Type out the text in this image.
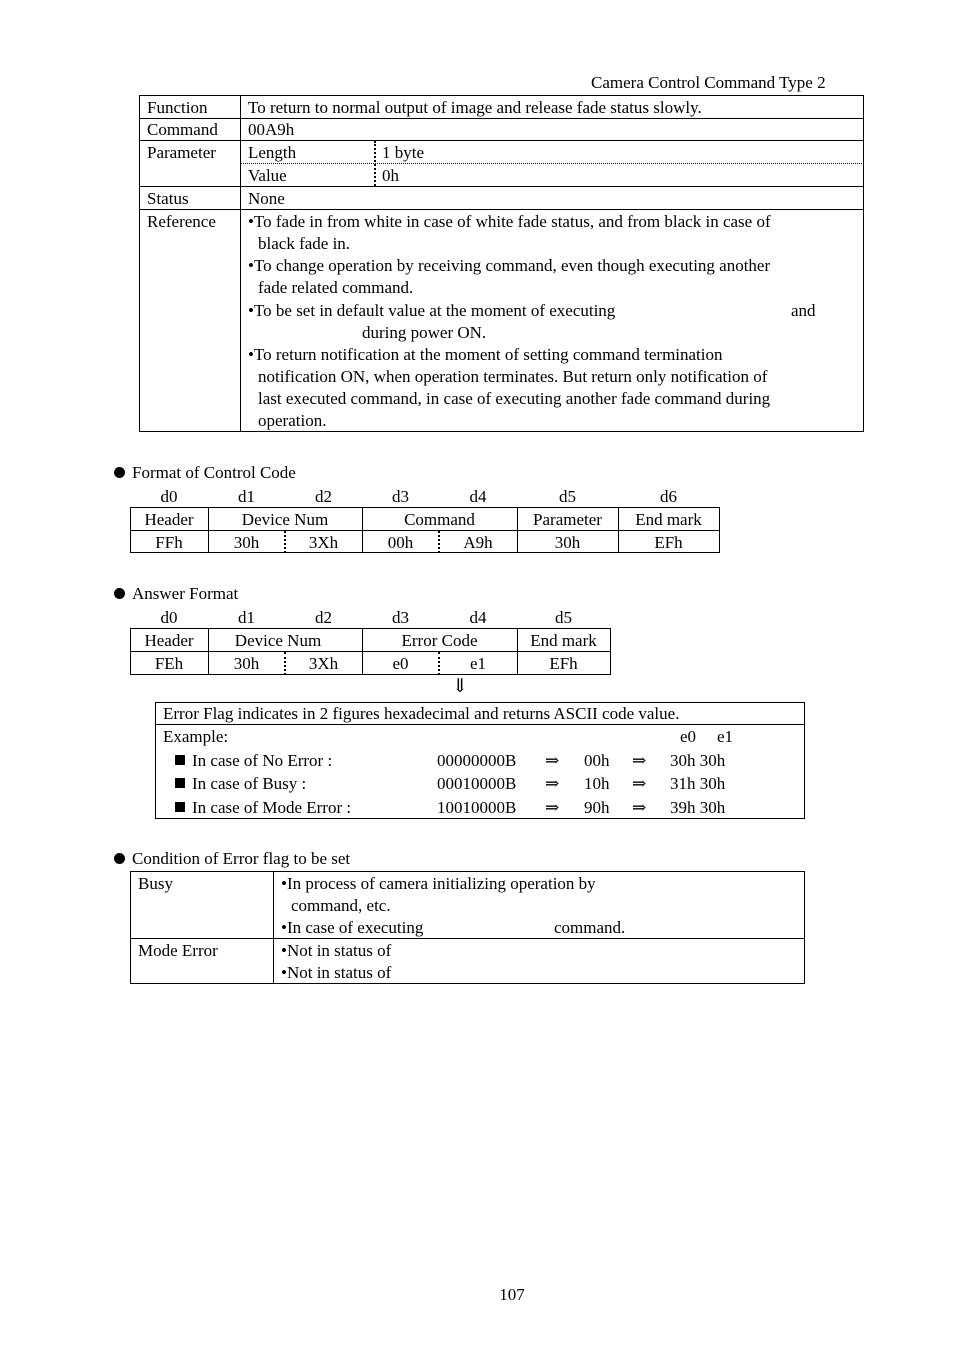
Camera Control Command Type 2
Function To return to normal output of image and release fade status slowly.
Command 00A9h
Parameter Length	1 byte
Value	0h
Status	None
Reference •To fade in from white in case of white fade status, and from black in case of
black fade in.
•To change operation by receiving command, even though executing another
fade related command.
•To be set in default value at the moment of executing	and
during power ON.
•To return notification at the moment of setting command termination
notification ON, when operation terminates. But return only notification of
last executed command, in case of executing another fade command during
operation.
Format of Control Code
d0	d1	d2	d3	d4	d5	d6
Header	Device Num	Command	Parameter	End mark
FFh	30h	3Xh	00h	A9h	30h	EFh
Answer Format
d0	d1	d2	d3	d4	d5
Header	Device Num	Error Code	End mark
FEh	30h	3Xh	e0	e1	EFh
⇓
Error Flag indicates in 2 figures hexadecimal and returns ASCII code value.
Example:	e0 e1
In case of No Error :	00000000B ⇒ 00h ⇒ 30h 30h
In case of Busy :	00010000B ⇒ 10h ⇒ 31h 30h
In case of Mode Error :	10010000B ⇒ 90h ⇒ 39h 30h
Condition of Error flag to be set
Busy	•In process of camera initializing operation by
command, etc.
•In case of executing	command.
Mode Error	•Not in status of
•Not in status of
107
